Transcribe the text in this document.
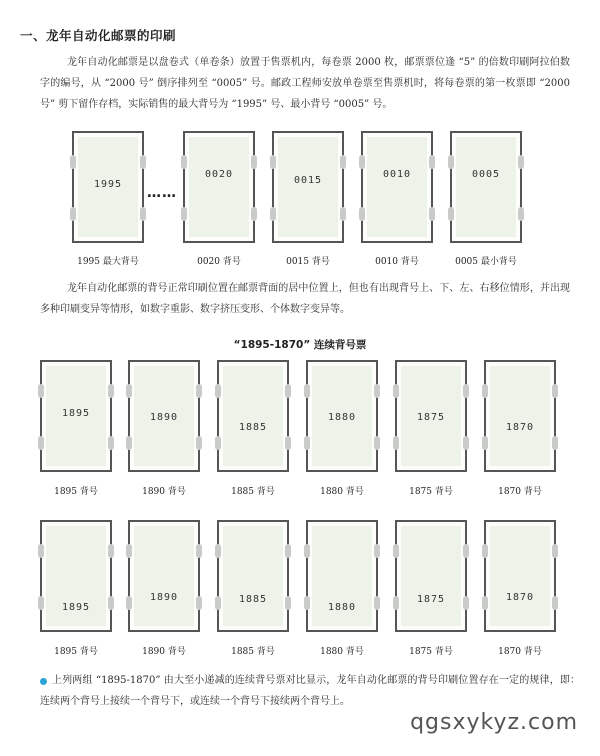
一、龙年自动化邮票的印刷
龙年自动化邮票是以盘卷式（单卷条）放置于售票机内，每卷票 2000 枚，邮票票位逢 “5” 的倍数印刷阿拉伯数字的编号，从 “2000 号” 倒序排列至 “0005” 号。邮政工程师安放单卷票至售票机时，将每卷票的第一枚票即 “2000 号” 剪下留作存档，实际销售的最大背号为 “1995” 号、最小背号 “0005” 号。
1995
1995 最大背号
……
0020
0020 背号
0015
0015 背号
0010
0010 背号
0005
0005 最小背号
龙年自动化邮票的背号正常印刷位置在邮票背面的居中位置上，但也有出现背号上、下、左、右移位情形，并出现多种印刷变异等情形，如数字重影、数字挤压变形、个体数字变异等。
“1895-1870” 连续背号票
1895
1895 背号
1890
1890 背号
1885
1885 背号
1880
1880 背号
1875
1875 背号
1870
1870 背号
1895
1895 背号
1890
1890 背号
1885
1885 背号
1880
1880 背号
1875
1875 背号
1870
1870 背号
上列两组 “1895-1870” 由大至小递减的连续背号票对比显示，龙年自动化邮票的背号印刷位置存在一定的规律，即：连续两个背号上接续一个背号下，或连续一个背号下接续两个背号上。
qgsxykyz.com
